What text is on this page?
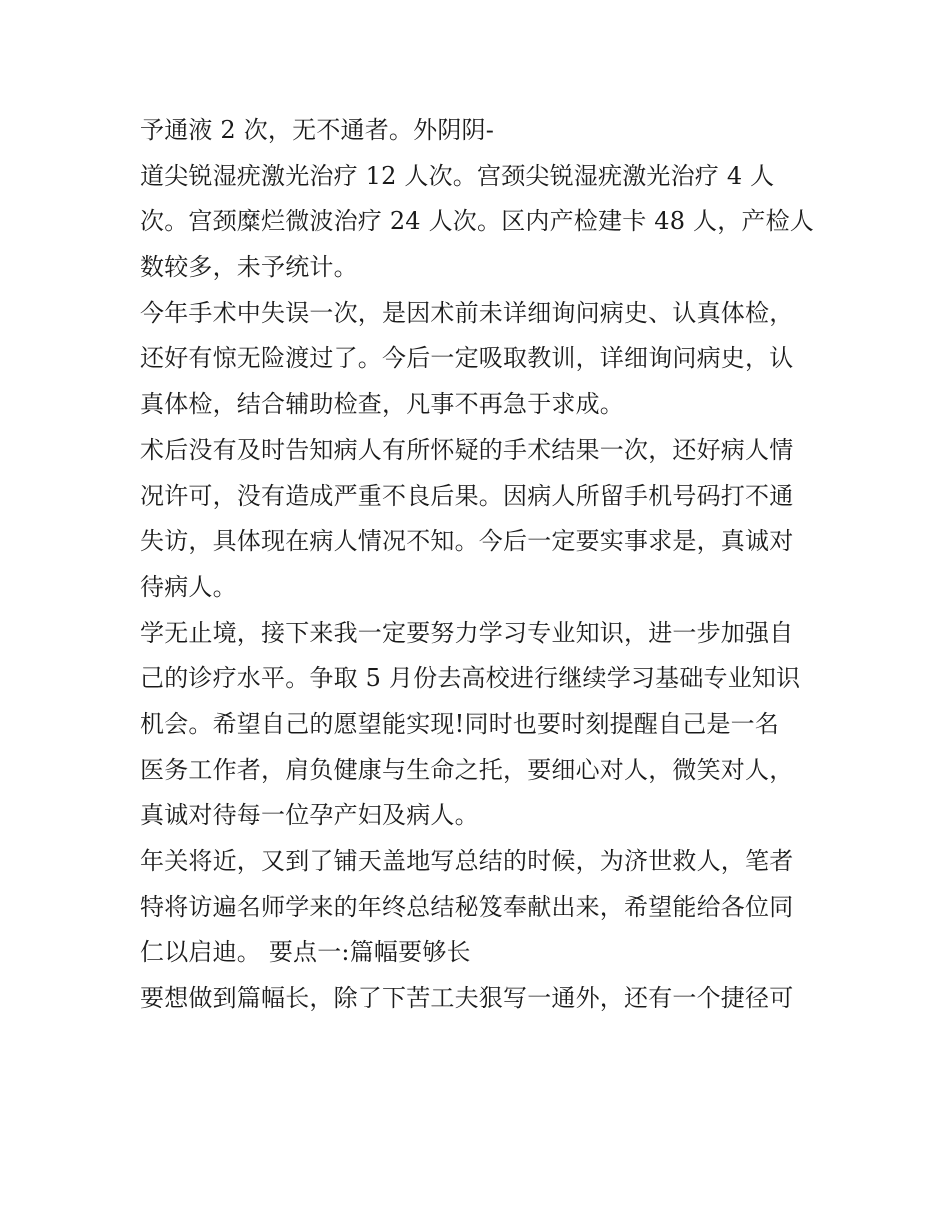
予通液 2 次，无不通者。外阴阴-
道尖锐湿疣激光治疗 12 人次。宫颈尖锐湿疣激光治疗 4 人
次。宫颈糜烂微波治疗 24 人次。区内产检建卡 48 人，产检人
数较多，未予统计。
今年手术中失误一次，是因术前未详细询问病史、认真体检，
还好有惊无险渡过了。今后一定吸取教训，详细询问病史，认
真体检，结合辅助检查，凡事不再急于求成。
术后没有及时告知病人有所怀疑的手术结果一次，还好病人情
况许可，没有造成严重不良后果。因病人所留手机号码打不通
失访，具体现在病人情况不知。今后一定要实事求是，真诚对
待病人。
学无止境，接下来我一定要努力学习专业知识，进一步加强自
己的诊疗水平。争取 5 月份去高校进行继续学习基础专业知识
机会。希望自己的愿望能实现!同时也要时刻提醒自己是一名
医务工作者，肩负健康与生命之托，要细心对人，微笑对人，
真诚对待每一位孕产妇及病人。
年关将近，又到了铺天盖地写总结的时候，为济世救人，笔者
特将访遍名师学来的年终总结秘笈奉献出来，希望能给各位同
仁以启迪。 要点一:篇幅要够长
要想做到篇幅长，除了下苦工夫狠写一通外，还有一个捷径可
